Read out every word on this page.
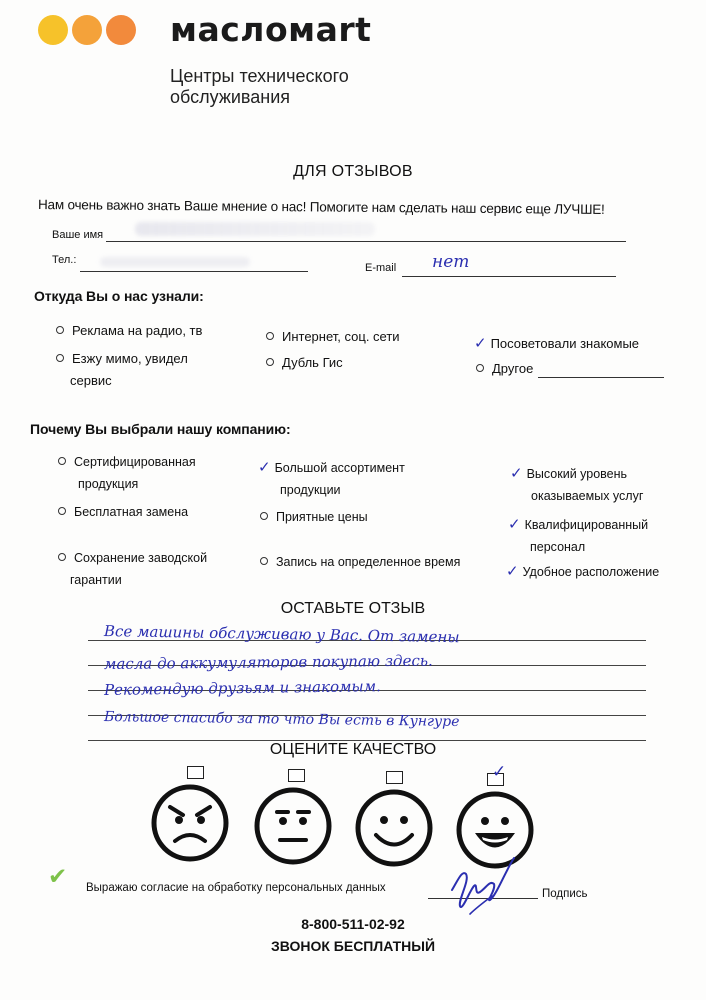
масломаrt
Центры технического обслуживания
ДЛЯ ОТЗЫВОВ
Нам очень важно знать Ваше мнение о нас! Помогите нам сделать наш сервис еще ЛУЧШЕ!
Ваше имя
Тел.:
E-mail нет
Откуда Вы о нас узнали:
Реклама на радио, тв
Езжу мимо, увидел
сервис
Интернет, соц. сети
Дубль Гис
✓ Посоветовали знакомые
Другое
Почему Вы выбрали нашу компанию:
Сертифицированная
продукция
Бесплатная замена
Сохранение заводской
гарантии
✓ Большой ассортимент
продукции
Приятные цены
Запись на определенное время
✓ Высокий уровень
оказываемых услуг
✓ Квалифицированный
персонал
✓ Удобное расположение
ОСТАВЬТЕ ОТЗЫВ
Все машины обслуживаю у Вас. От замены
масла до аккумуляторов покупаю здесь.
Рекомендую друзьям и знакомым.
Большое спасибо за то что Вы есть в Кунгуре
ОЦЕНИТЕ КАЧЕСТВО
✓
✔ Выражаю согласие на обработку персональных данных	Подпись
8-800-511-02-92
ЗВОНОК БЕСПЛАТНЫЙ
